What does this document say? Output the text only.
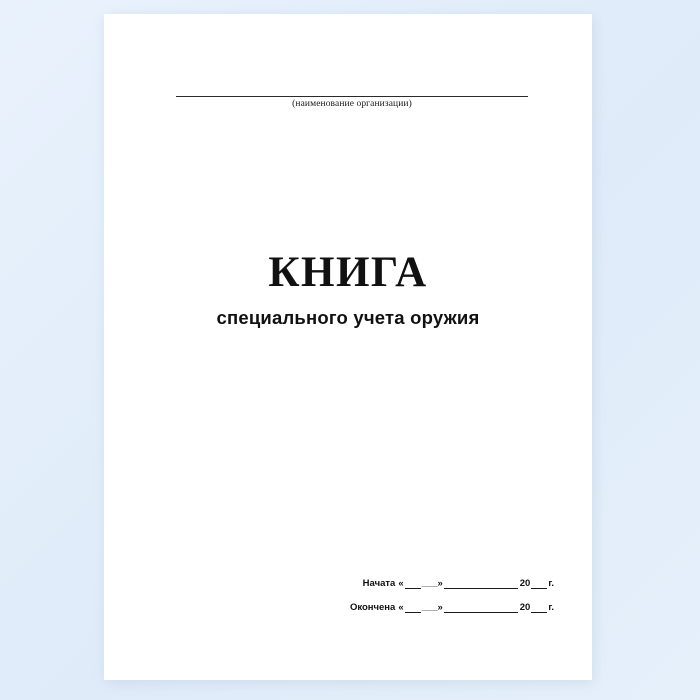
(наименование организации)
КНИГА
специального учета оружия
Начата « ___»	20 г.
Окончена « ___»	20 г.
